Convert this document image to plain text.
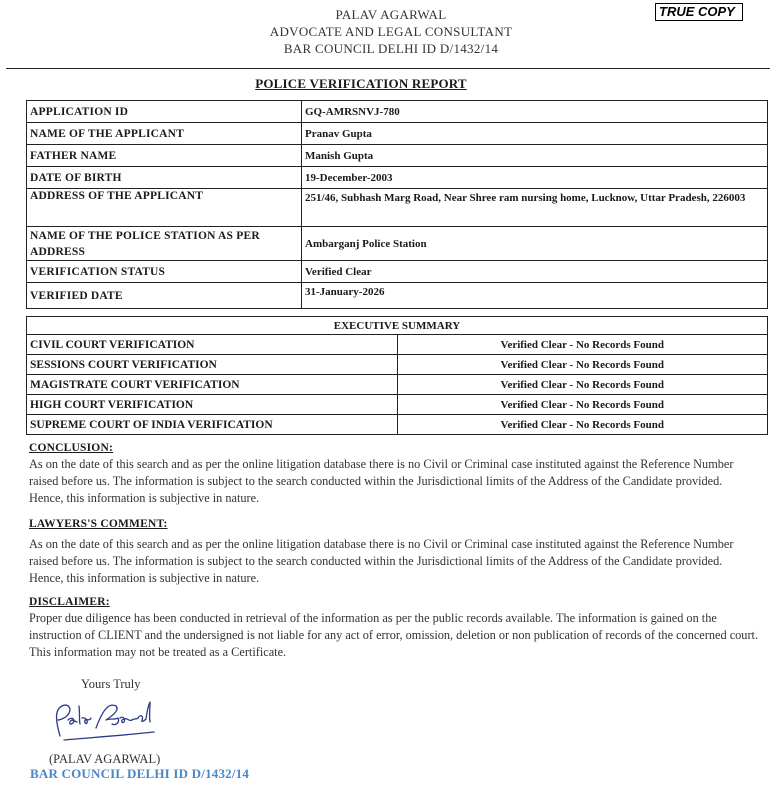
PALAV AGARWAL
ADVOCATE AND LEGAL CONSULTANT
BAR COUNCIL DELHI ID D/1432/14
TRUE COPY
POLICE VERIFICATION REPORT
APPLICATION ID	GQ-AMRSNVJ-780
NAME OF THE APPLICANT	Pranav Gupta
FATHER NAME	Manish Gupta
DATE OF BIRTH	19-December-2003
ADDRESS OF THE APPLICANT	251/46, Subhash Marg Road, Near Shree ram nursing home, Lucknow, Uttar Pradesh, 226003
NAME OF THE POLICE STATION AS PER ADDRESS	Ambarganj Police Station
VERIFICATION STATUS	Verified Clear
VERIFIED DATE	31-January-2026
EXECUTIVE SUMMARY	
CIVIL COURT VERIFICATION	Verified Clear - No Records Found
SESSIONS COURT VERIFICATION	Verified Clear - No Records Found
MAGISTRATE COURT VERIFICATION	Verified Clear - No Records Found
HIGH COURT VERIFICATION	Verified Clear - No Records Found
SUPREME COURT OF INDIA VERIFICATION	Verified Clear - No Records Found
CONCLUSION:
As on the date of this search and as per the online litigation database there is no Civil or Criminal case instituted against the Reference Number raised before us. The information is subject to the search conducted within the Jurisdictional limits of the Address of the Candidate provided. Hence, this information is subjective in nature.
LAWYERS'S COMMENT:
As on the date of this search and as per the online litigation database there is no Civil or Criminal case instituted against the Reference Number raised before us. The information is subject to the search conducted within the Jurisdictional limits of the Address of the Candidate provided. Hence, this information is subjective in nature.
DISCLAIMER:
Proper due diligence has been conducted in retrieval of the information as per the public records available. The information is gained on the instruction of CLIENT and the undersigned is not liable for any act of error, omission, deletion or non publication of records of the concerned court. This information may not be treated as a Certificate.
Yours Truly
(PALAV AGARWAL)
BAR COUNCIL DELHI ID D/1432/14
